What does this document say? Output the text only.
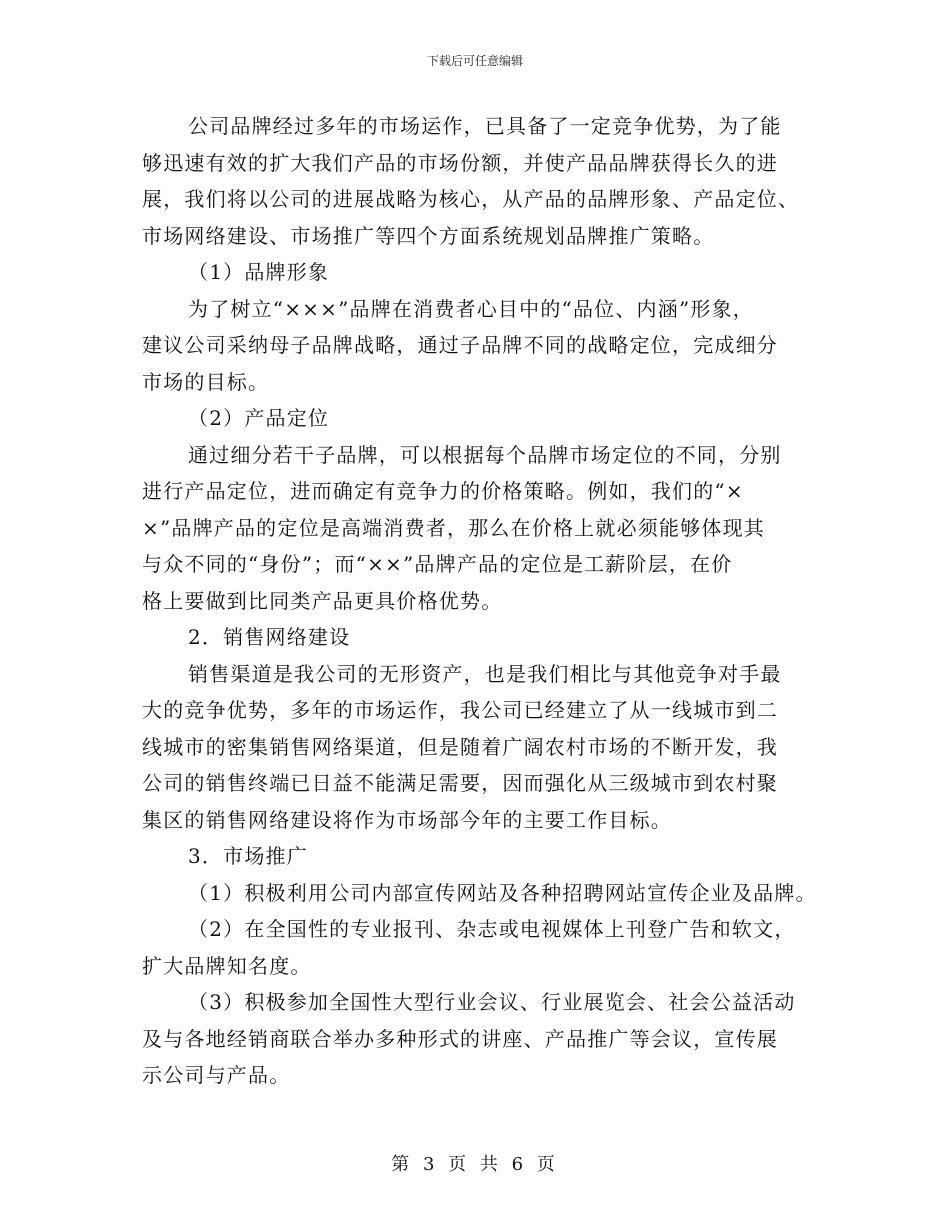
下载后可任意编辑
公司品牌经过多年的市场运作，已具备了一定竞争优势，为了能
够迅速有效的扩大我们产品的市场份额，并使产品品牌获得长久的进
展，我们将以公司的进展战略为核心，从产品的品牌形象、产品定位、
市场网络建设、市场推广等四个方面系统规划品牌推广策略。
（1）品牌形象
为了树立“×××”品牌在消费者心目中的“品位、内涵”形象，
建议公司采纳母子品牌战略，通过子品牌不同的战略定位，完成细分
市场的目标。
（2）产品定位
通过细分若干子品牌，可以根据每个品牌市场定位的不同，分别
进行产品定位，进而确定有竞争力的价格策略。例如，我们的“×
×”品牌产品的定位是高端消费者，那么在价格上就必须能够体现其
与众不同的“身份”；而“××”品牌产品的定位是工薪阶层，在价
格上要做到比同类产品更具价格优势。
2．销售网络建设
销售渠道是我公司的无形资产，也是我们相比与其他竞争对手最
大的竞争优势，多年的市场运作，我公司已经建立了从一线城市到二
线城市的密集销售网络渠道，但是随着广阔农村市场的不断开发，我
公司的销售终端已日益不能满足需要，因而强化从三级城市到农村聚
集区的销售网络建设将作为市场部今年的主要工作目标。
3．市场推广
（1）积极利用公司内部宣传网站及各种招聘网站宣传企业及品牌。
（2）在全国性的专业报刊、杂志或电视媒体上刊登广告和软文，
扩大品牌知名度。
（3）积极参加全国性大型行业会议、行业展览会、社会公益活动
及与各地经销商联合举办多种形式的讲座、产品推广等会议，宣传展
示公司与产品。
第 3 页 共 6 页
